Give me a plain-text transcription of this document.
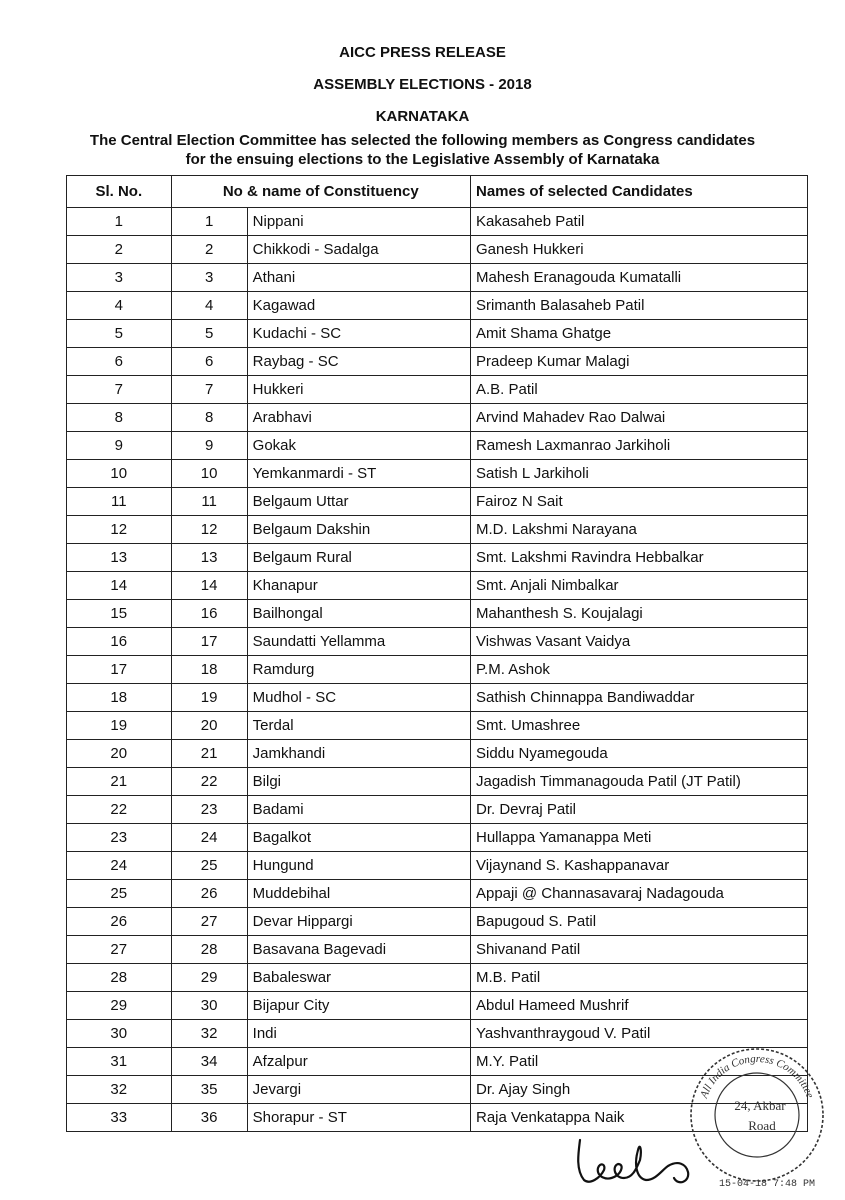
AICC PRESS RELEASE
ASSEMBLY ELECTIONS - 2018
KARNATAKA
The Central Election Committee has selected the following members as Congress candidates
for the ensuing elections to the Legislative Assembly of Karnataka
Sl. No.	No & name of Constituency		Names of selected Candidates
1	1	Nippani	Kakasaheb Patil
2	2	Chikkodi - Sadalga	Ganesh Hukkeri
3	3	Athani	Mahesh Eranagouda Kumatalli
4	4	Kagawad	Srimanth Balasaheb Patil
5	5	Kudachi - SC	Amit Shama Ghatge
6	6	Raybag - SC	Pradeep Kumar Malagi
7	7	Hukkeri	A.B. Patil
8	8	Arabhavi	Arvind Mahadev Rao Dalwai
9	9	Gokak	Ramesh Laxmanrao Jarkiholi
10	10	Yemkanmardi - ST	Satish L Jarkiholi
11	11	Belgaum Uttar	Fairoz N Sait
12	12	Belgaum Dakshin	M.D. Lakshmi Narayana
13	13	Belgaum Rural	Smt. Lakshmi Ravindra Hebbalkar
14	14	Khanapur	Smt. Anjali Nimbalkar
15	16	Bailhongal	Mahanthesh S. Koujalagi
16	17	Saundatti Yellamma	Vishwas Vasant Vaidya
17	18	Ramdurg	P.M. Ashok
18	19	Mudhol - SC	Sathish Chinnappa Bandiwaddar
19	20	Terdal	Smt. Umashree
20	21	Jamkhandi	Siddu Nyamegouda
21	22	Bilgi	Jagadish Timmanagouda Patil (JT Patil)
22	23	Badami	Dr. Devraj Patil
23	24	Bagalkot	Hullappa Yamanappa Meti
24	25	Hungund	Vijaynand S. Kashappanavar
25	26	Muddebihal	Appaji @ Channasavaraj Nadagouda
26	27	Devar Hippargi	Bapugoud S. Patil
27	28	Basavana Bagevadi	Shivanand Patil
28	29	Babaleswar	M.B. Patil
29	30	Bijapur City	Abdul Hameed Mushrif
30	32	Indi	Yashvanthraygoud V. Patil
31	34	Afzalpur	M.Y. Patil
32	35	Jevargi	Dr. Ajay Singh
33	36	Shorapur - ST	Raja Venkatappa Naik
All India Congress Committee
24, Akbar
Road
15-04-18 7:48 PM
